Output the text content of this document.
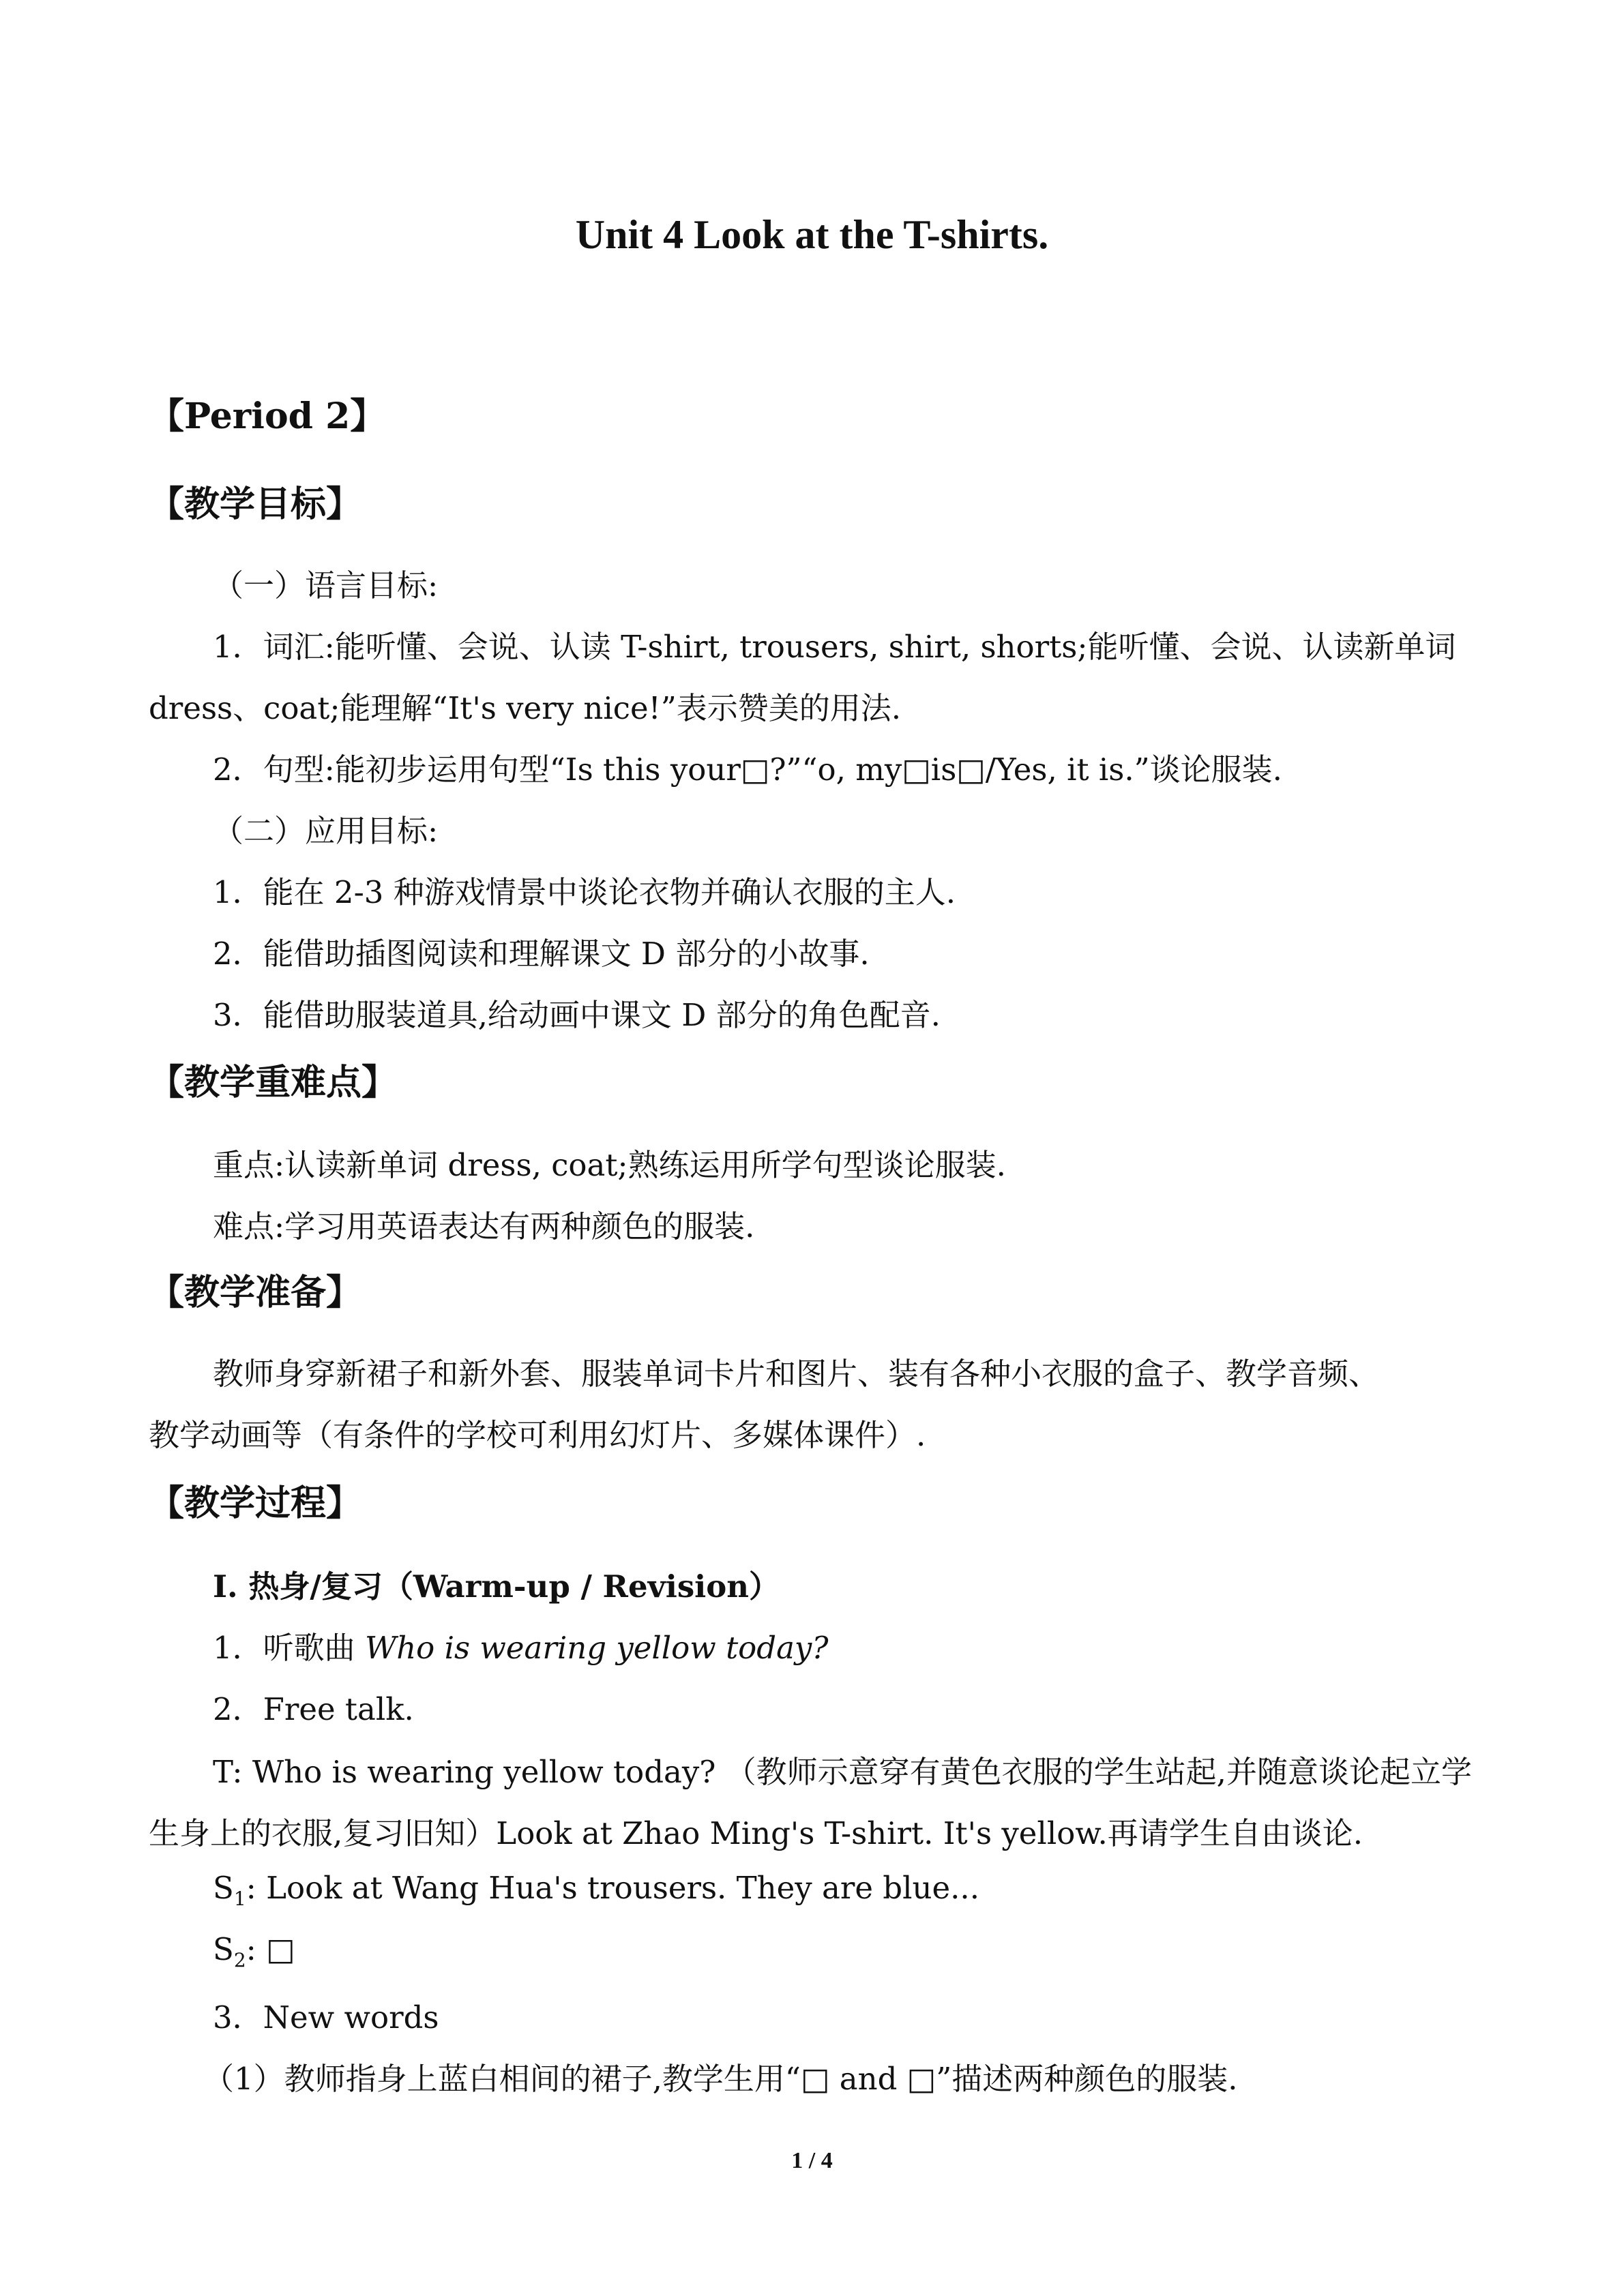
Unit 4 Look at the T-shirts.
【Period 2】
【教学目标】
（一）语言目标:
1．词汇:能听懂、会说、认读 T-shirt, trousers, shirt, shorts;能听懂、会说、认读新单词
dress、coat;能理解“It's very nice!”表示赞美的用法.
2．句型:能初步运用句型“Is this your□?”“o, my□is□/Yes, it is.”谈论服装.
（二）应用目标:
1．能在 2-3 种游戏情景中谈论衣物并确认衣服的主人.
2．能借助插图阅读和理解课文 D 部分的小故事.
3．能借助服装道具,给动画中课文 D 部分的角色配音.
【教学重难点】
重点:认读新单词 dress, coat;熟练运用所学句型谈论服装.
难点:学习用英语表达有两种颜色的服装.
【教学准备】
教师身穿新裙子和新外套、服装单词卡片和图片、装有各种小衣服的盒子、教学音频、
教学动画等（有条件的学校可利用幻灯片、多媒体课件）.
【教学过程】
I. 热身/复习（Warm-up / Revision）
1．听歌曲 Who is wearing yellow today?
2．Free talk.
T: Who is wearing yellow today? （教师示意穿有黄色衣服的学生站起,并随意谈论起立学
生身上的衣服,复习旧知）Look at Zhao Ming's T-shirt. It's yellow.再请学生自由谈论.
$S_1$: Look at Wang Hua's trousers. They are blue...
$S_2$: □
3．New words
（1）教师指身上蓝白相间的裙子,教学生用“□ and □”描述两种颜色的服装.
1 / 4
